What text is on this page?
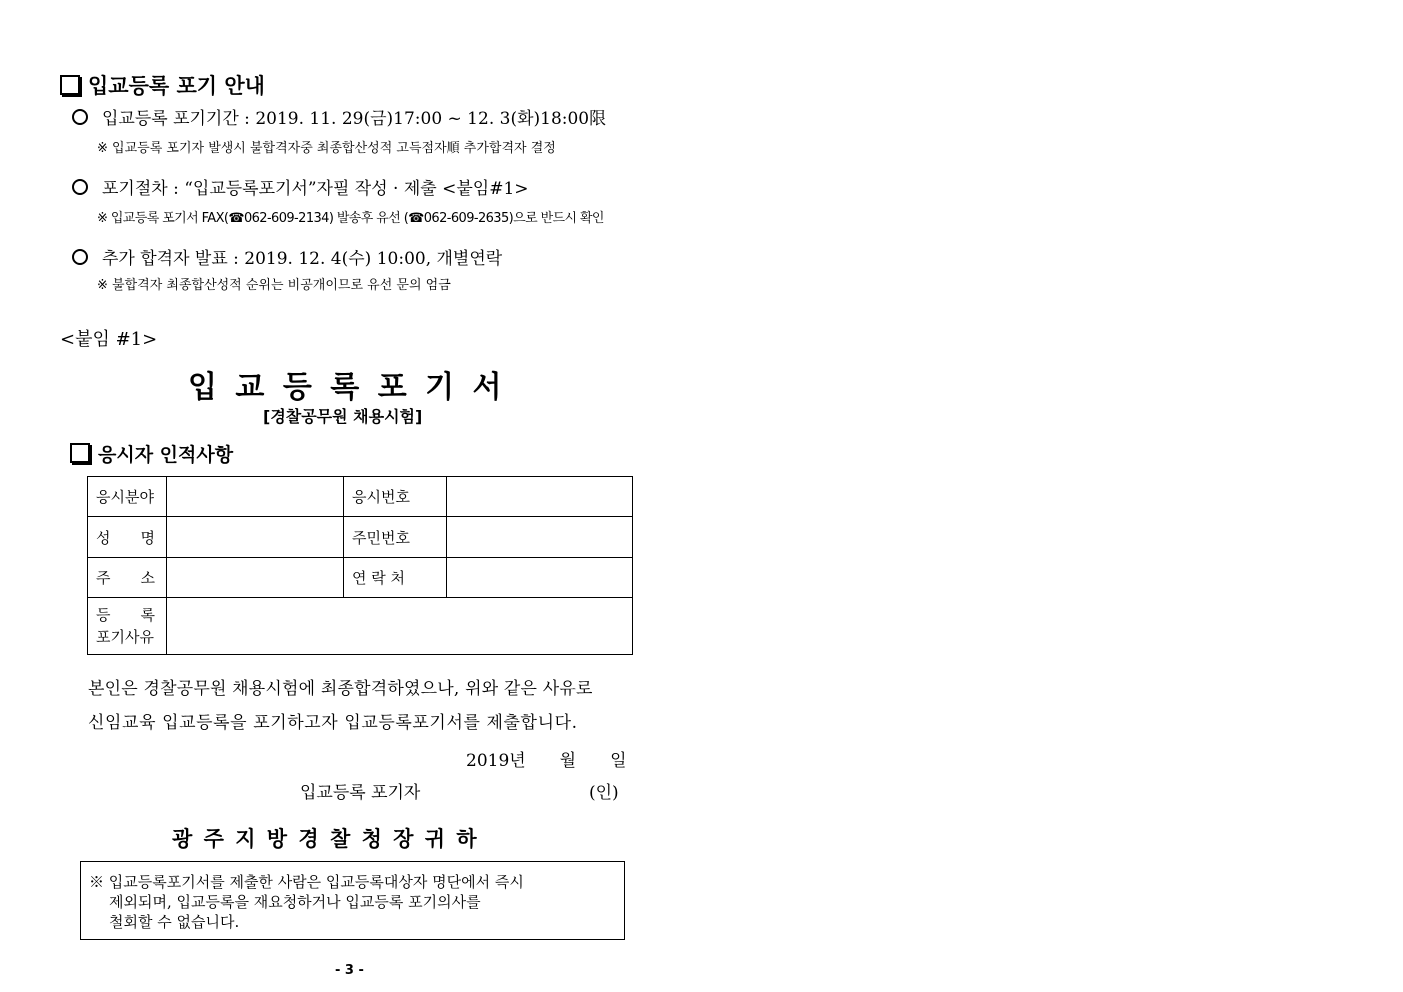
입교등록 포기 안내
입교등록 포기기간 : 2019. 11. 29(금)17:00 ~ 12. 3(화)18:00限
※ 입교등록 포기자 발생시 불합격자중 최종합산성적 고득점자順 추가합격자 결정
포기절차 : “입교등록포기서”자필 작성 · 제출 <붙임#1>
※ 입교등록 포기서 FAX(☎062-609-2134) 발송후 유선 (☎062-609-2635)으로 반드시 확인
추가 합격자 발표 : 2019. 12. 4(수) 10:00, 개별연락
※ 불합격자 최종합산성적 순위는 비공개이므로 유선 문의 엄금
<붙임 #1>
입 교 등 록 포 기 서
[경찰공무원 채용시험]
응시자 인적사항
응시분야		응시번호	
성　　명		주민번호	
주　　소		연 락 처	

등　　록
포기사유			

본인은 경찰공무원 채용시험에 최종합격하였으나, 위와 같은 사유로
신임교육 입교등록을 포기하고자 입교등록포기서를 제출합니다.
2019년　　월　　일
입교등록 포기자	(인)
광 주 지 방 경 찰 청 장 귀 하
※ 입교등록포기서를 제출한 사람은 입교등록대상자 명단에서 즉시
제외되며, 입교등록을 재요청하거나 입교등록 포기의사를
철회할 수 없습니다.
- 3 -
